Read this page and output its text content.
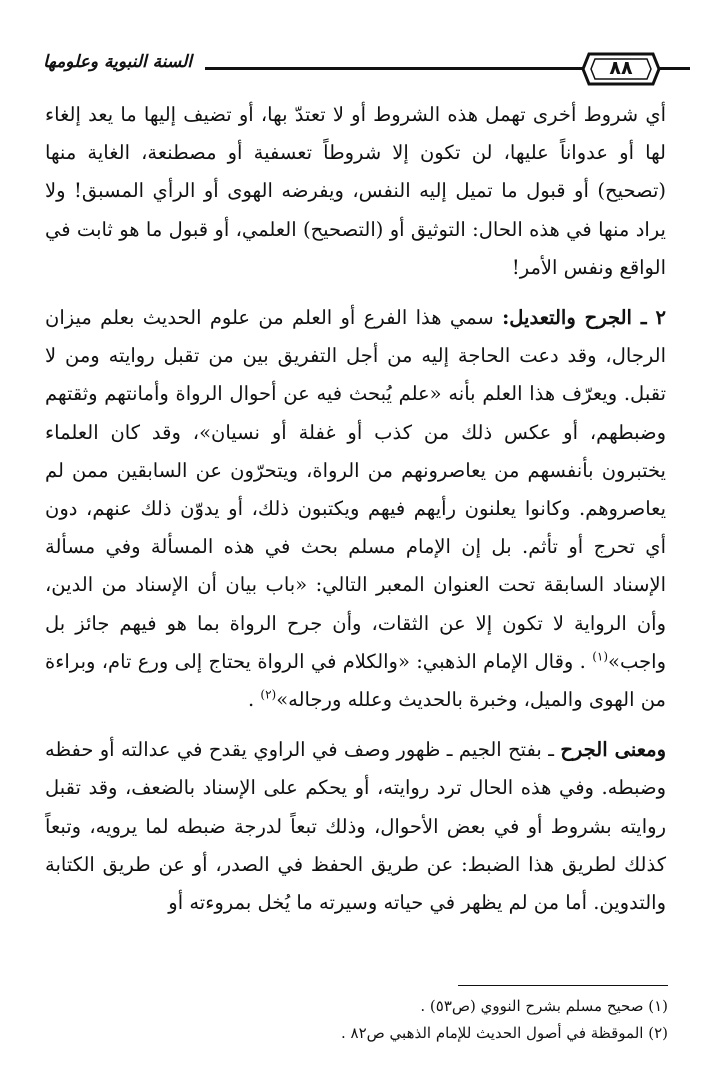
٨٨
السنة النبوية وعلومها

أي شروط أخرى تهمل هذه الشروط أو لا تعتدّ بها، أو تضيف إليها ما يعد إلغاء لها أو عدواناً عليها، لن تكون إلا شروطاً تعسفية أو مصطنعة، الغاية منها (تصحيح) أو قبول ما تميل إليه النفس، ويفرضه الهوى أو الرأي المسبق! ولا يراد منها في هذه الحال: التوثيق أو (التصحيح) العلمي، أو قبول ما هو ثابت في الواقع ونفس الأمر!

٢ ـ الجرح والتعديل: سمي هذا الفرع أو العلم من علوم الحديث بعلم ميزان الرجال، وقد دعت الحاجة إليه من أجل التفريق بين من تقبل روايته ومن لا تقبل. ويعرّف هذا العلم بأنه «علم يُبحث فيه عن أحوال الرواة وأمانتهم وثقتهم وضبطهم، أو عكس ذلك من كذب أو غفلة أو نسيان»، وقد كان العلماء يختبرون بأنفسهم من يعاصرونهم من الرواة، ويتحرّون عن السابقين ممن لم يعاصروهم. وكانوا يعلنون رأيهم فيهم ويكتبون ذلك، أو يدوّن ذلك عنهم، دون أي تحرج أو تأثم. بل إن الإمام مسلم بحث في هذه المسألة وفي مسألة الإسناد السابقة تحت العنوان المعبر التالي: «باب بيان أن الإسناد من الدين، وأن الرواية لا تكون إلا عن الثقات، وأن جرح الرواة بما هو فيهم جائز بل واجب»$^{(١)}$ . وقال الإمام الذهبي: «والكلام في الرواة يحتاج إلى ورع تام، وبراءة من الهوى والميل، وخبرة بالحديث وعلله ورجاله»$^{(٢)}$ .

ومعنى الجرح ـ بفتح الجيم ـ ظهور وصف في الراوي يقدح في عدالته أو حفظه وضبطه. وفي هذه الحال ترد روايته، أو يحكم على الإسناد بالضعف، وقد تقبل روايته بشروط أو في بعض الأحوال، وذلك تبعاً لدرجة ضبطه لما يرويه، وتبعاً كذلك لطريق هذا الضبط: عن طريق الحفظ في الصدر، أو عن طريق الكتابة والتدوين. أما من لم يظهر في حياته وسيرته ما يُخل بمروءته أو

(١) صحيح مسلم بشرح النووي (ص٥٣) .
(٢) الموقظة في أصول الحديث للإمام الذهبي ص٨٢ .
